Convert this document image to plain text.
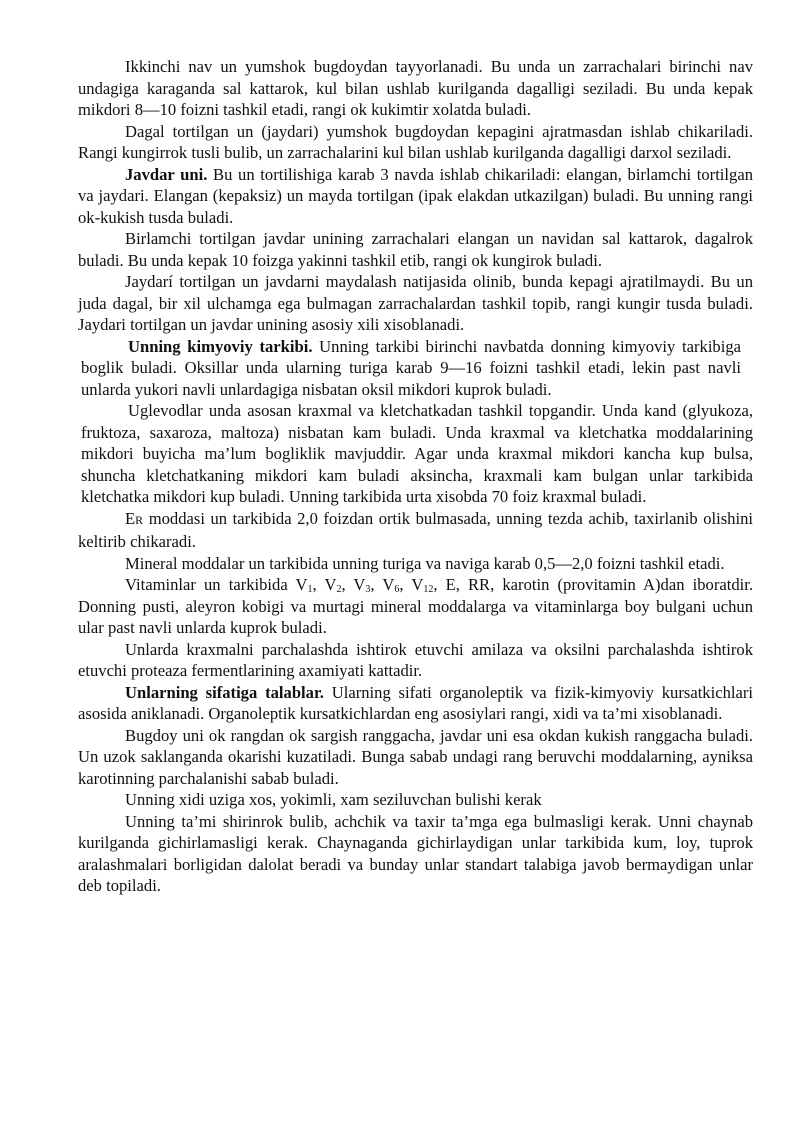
Ikkinchi nav un yumshok bugdoydan tayyorlanadi. Bu unda un zarrachalari birinchi nav undagiga karaganda sal kattarok, kul bilan ushlab kurilganda dagalligi seziladi. Bu unda kepak mikdori 8—10 foizni tashkil etadi, rangi ok kukimtir xolatda buladi.

Dagal tortilgan un (jaydari) yumshok bugdoydan kepagini ajratmasdan ishlab chikariladi. Rangi kungirrok tusli bulib, un zarrachalarini kul bilan ushlab kurilganda dagalligi darxol seziladi.

Javdar uni. Bu un tortilishiga karab 3 navda ishlab chikariladi: elangan, birlamchi tortilgan va jaydari. Elangan (kepaksiz) un mayda tortilgan (ipak elakdan utkazilgan) buladi. Bu unning rangi ok-kukish tusda buladi.

Birlamchi tortilgan javdar unining zarrachalari elangan un navidan sal kattarok, dagalrok buladi. Bu unda kepak 10 foizga yakinni tashkil etib, rangi ok kungirok buladi.

Jaydarí tortilgan un javdarni maydalash natijasida olinib, bunda kepagi ajratilmaydi. Bu un juda dagal, bir xil ulchamga ega bulmagan zarrachalardan tashkil topib, rangi kungir tusda buladi. Jaydari tortilgan un javdar unining asosiy xili xisoblanadi.

Unning kimyoviy tarkibi. Unning tarkibi birinchi navbatda donning kimyoviy tarkibiga boglik buladi. Oksillar unda ularning turiga karab 9—16 foizni tashkil etadi, lekin past navli unlarda yukori navli unlardagiga nisbatan oksil mikdori kuprok buladi.

Uglevodlar unda asosan kraxmal va kletchatkadan tashkil topgandir. Unda kand (glyukoza, fruktoza, saxaroza, maltoza) nisbatan kam buladi. Unda kraxmal va kletchatka moddalarining mikdori buyicha ma’lum bogliklik mavjuddir. Agar unda kraxmal mikdori kancha kup bulsa, shuncha kletchatkaning mikdori kam buladi aksincha, kraxmali kam bulgan unlar tarkibida kletchatka mikdori kup buladi. Unning tarkibida urta xisobda 70 foiz kraxmal buladi.

ER moddasi un tarkibida 2,0 foizdan ortik bulmasada, unning tezda achib, taxirlanib olishini keltirib chikaradi.

Mineral moddalar un tarkibida unning turiga va naviga karab 0,5—2,0 foizni tashkil etadi.

Vitaminlar un tarkibida $V_1$, $V_2$, $V_3$, $V_6$, $V_{12}$, E, RR, karotin (provitamin A)dan iboratdir. Donning pusti, aleyron kobigi va murtagi mineral moddalarga va vitaminlarga boy bulgani uchun ular past navli unlarda kuprok buladi.

Unlarda kraxmalni parchalashda ishtirok etuvchi amilaza va oksilni parchalashda ishtirok etuvchi proteaza fermentlarining axamiyati kattadir.

Unlarning sifatiga talablar. Ularning sifati organoleptik va fizik-kimyoviy kursatkichlari asosida aniklanadi. Organoleptik kursatkichlardan eng asosiylari rangi, xidi va ta’mi xisoblanadi.

Bugdoy uni ok rangdan ok sargish ranggacha, javdar uni esa okdan kukish ranggacha buladi. Un uzok saklanganda okarishi kuzatiladi. Bunga sabab undagi rang beruvchi moddalarning, ayniksa karotinning parchalanishi sabab buladi.

Unning xidi uziga xos, yokimli, xam seziluvchan bulishi kerak

Unning ta’mi shirinrok bulib, achchik va taxir ta’mga ega bulmasligi kerak. Unni chaynab kurilganda gichirlamasligi kerak. Chaynaganda gichirlaydigan unlar tarkibida kum, loy, tuprok aralashmalari borligidan dalolat beradi va bunday unlar standart talabiga javob bermaydigan unlar deb topiladi.
